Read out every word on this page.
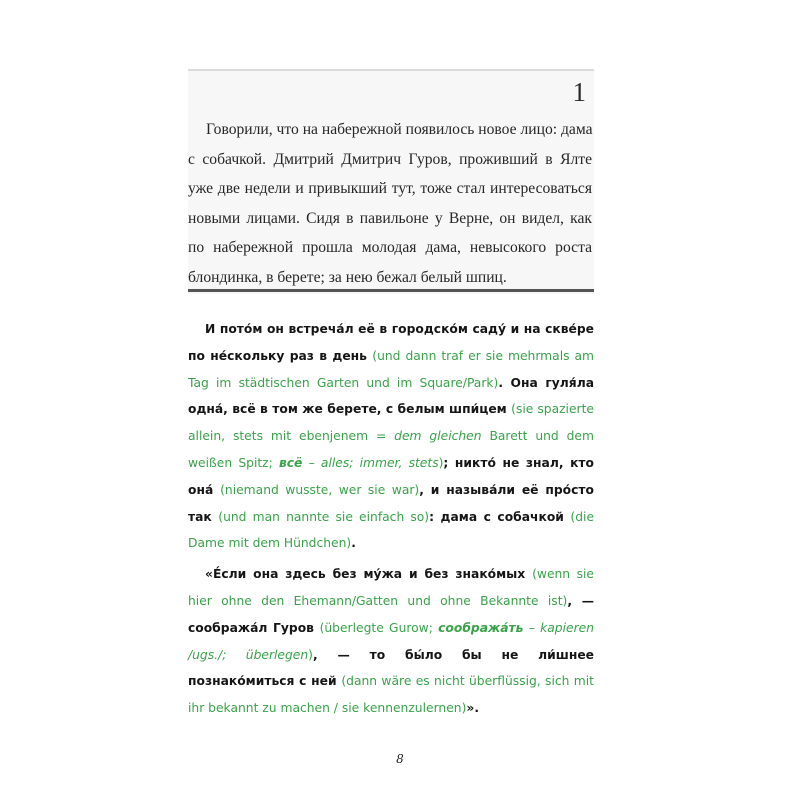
1
Говорили, что на набережной появилось новое лицо: дама
с собачкой. Дмитрий Дмитрич Гуров, проживший в Ялте
уже две недели и привыкший тут, тоже стал интересоваться
новыми лицами. Сидя в павильоне у Верне, он видел, как
по набережной прошла молодая дама, невысокого роста
блондинка, в берете; за нею бежал белый шпиц.

И пото́м он встреча́л её в городско́м саду́ и на скве́ре по не́скольку раз в день (und dann traf er sie mehrmals am Tag im städtischen Garten und im Square/Park). Она гуля́ла одна́, всё в том же берете, с белым шпи́цем (sie spazierte allein, stets mit ebenjenem = dem gleichen Barett und dem weißen Spitz; всё – alles; immer, stets); никто́ не знал, кто она́ (niemand wusste, wer sie war), и называ́ли её про́сто так (und man nannte sie einfach so): дама с собачкой (die Dame mit dem Hündchen).

«Е́сли она здесь без му́жа и без знако́мых (wenn sie hier ohne den Ehemann/Gatten und ohne Bekannte ist), — сообража́л Гуров (überlegte Gurow; сообража́ть – kapieren /ugs./; überlegen), — то бы́ло бы не ли́шнее познако́миться с ней (dann wäre es nicht überflüssig, sich mit ihr bekannt zu machen / sie kennenzulernen)».

8
